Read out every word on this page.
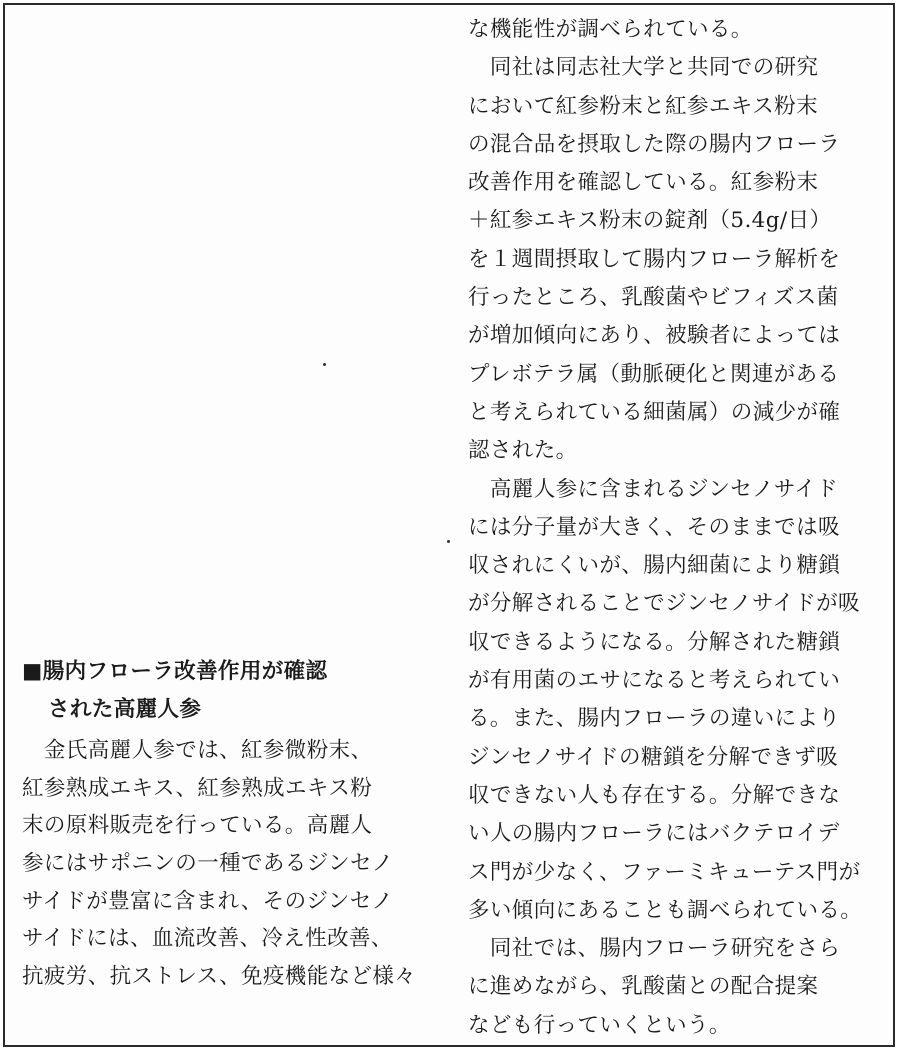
■腸内フローラ改善作用が確認
された高麗人参

　金氏高麗人参では、紅参微粉末、
紅参熟成エキス、紅参熟成エキス粉
末の原料販売を行っている。高麗人
参にはサポニンの一種であるジンセノ
サイドが豊富に含まれ、そのジンセノ
サイドには、血流改善、冷え性改善、
抗疲労、抗ストレス、免疫機能など様々

な機能性が調べられている。

　同社は同志社大学と共同での研究
において紅参粉末と紅参エキス粉末
の混合品を摂取した際の腸内フローラ
改善作用を確認している。紅参粉末
＋紅参エキス粉末の錠剤（5.4g/日）
を１週間摂取して腸内フローラ解析を
行ったところ、乳酸菌やビフィズス菌
が増加傾向にあり、被験者によっては
プレボテラ属（動脈硬化と関連がある
と考えられている細菌属）の減少が確
認された。

　高麗人参に含まれるジンセノサイド
には分子量が大きく、そのままでは吸
収されにくいが、腸内細菌により糖鎖
が分解されることでジンセノサイドが吸
収できるようになる。分解された糖鎖
が有用菌のエサになると考えられてい
る。また、腸内フローラの違いにより
ジンセノサイドの糖鎖を分解できず吸
収できない人も存在する。分解できな
い人の腸内フローラにはバクテロイデ
ス門が少なく、ファーミキューテス門が
多い傾向にあることも調べられている。

　同社では、腸内フローラ研究をさら
に進めながら、乳酸菌との配合提案
なども行っていくという。
